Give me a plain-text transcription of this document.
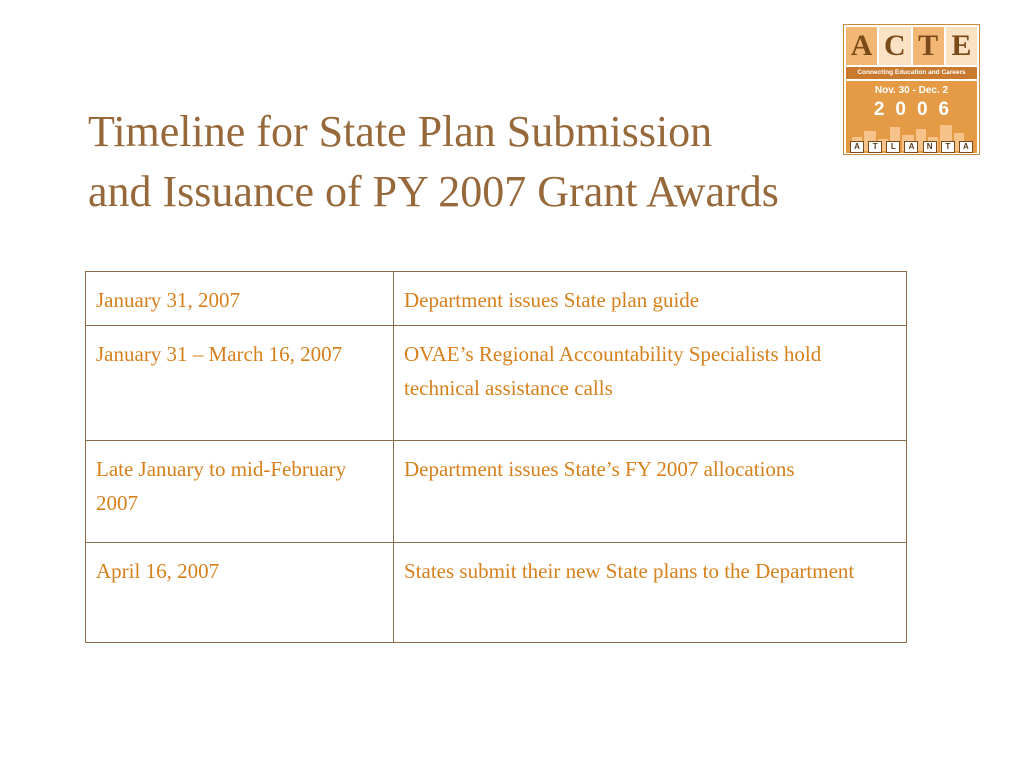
Timeline for State Plan Submission
and Issuance of PY 2007 Grant Awards
A C T E
Connecting Education and Careers
Nov. 30 - Dec. 2
2006
A	T	L	A	N	T	A
January 31, 2007	Department issues State plan guide
January 31 – March 16, 2007	OVAE’s Regional Accountability Specialists hold technical assistance calls
Late January to mid-February 2007	Department issues State’s FY 2007 allocations
April 16, 2007	States submit their new State plans to the Department
